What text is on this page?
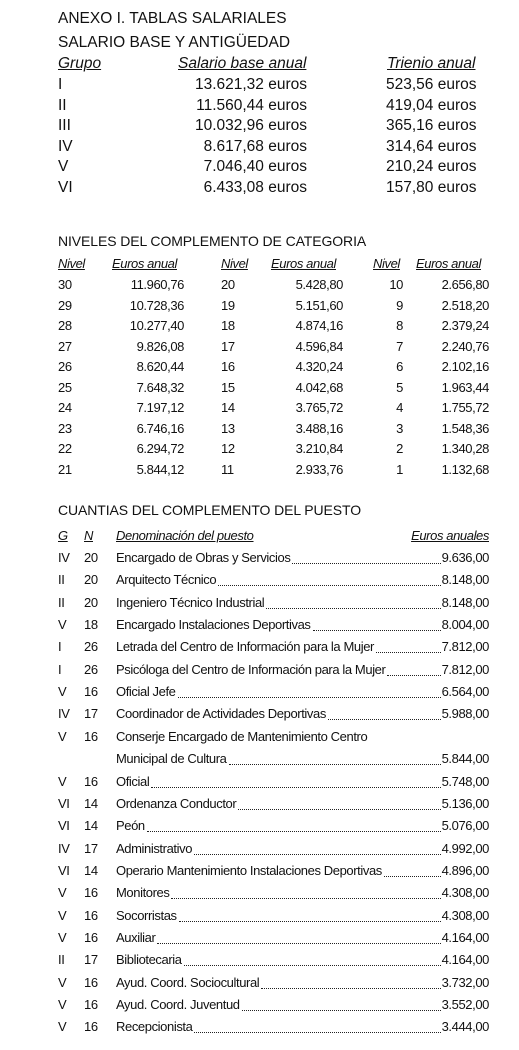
ANEXO I. TABLAS SALARIALES
SALARIO BASE Y ANTIGÜEDAD
NIVELES DEL COMPLEMENTO DE CATEGORIA
CUANTIAS DEL COMPLEMENTO DEL PUESTO
Grupo	Salario base anual	Trienio anual
I	13.621,32 euros	523,56 euros
II	11.560,44 euros	419,04 euros
III	10.032,96 euros	365,16 euros
IV	8.617,68 euros	314,64 euros
V	7.046,40 euros	210,24 euros
VI	6.433,08 euros	157,80 euros
Nivel Euros anual	Nivel Euros anual	Nivel Euros anual
30	11.960,76	20	5.428,80	10	2.656,80
29	10.728,36	19	5.151,60	9	2.518,20
28	10.277,40	18	4.874,16	8	2.379,24
27	9.826,08	17	4.596,84	7	2.240,76
26	8.620,44	16	4.320,24	6	2.102,16
25	7.648,32	15	4.042,68	5	1.963,44
24	7.197,12	14	3.765,72	4	1.755,72
23	6.746,16	13	3.488,16	3	1.548,36
22	6.294,72	12	3.210,84	2	1.340,28
21	5.844,12	11	2.933,76	1	1.132,68
G N Denominación del puesto	Euros anuales
IV 20 Encargado de Obras y Servicios	9.636,00
II 20 Arquitecto Técnico	8.148,00
II 20 Ingeniero Técnico Industrial	8.148,00
V 18 Encargado Instalaciones Deportivas	8.004,00
I 26 Letrada del Centro de Información para la Mujer	7.812,00
I 26 Psicóloga del Centro de Información para la Mujer	7.812,00
V 16 Oficial Jefe	6.564,00
IV 17 Coordinador de Actividades Deportivas	5.988,00
V 16 Conserje Encargado de Mantenimiento Centro
Municipal de Cultura	5.844,00
V 16 Oficial	5.748,00
VI 14 Ordenanza Conductor	5.136,00
VI 14 Peón	5.076,00
IV 17 Administrativo	4.992,00
VI 14 Operario Mantenimiento Instalaciones Deportivas	4.896,00
V 16 Monitores	4.308,00
V 16 Socorristas	4.308,00
V 16 Auxiliar	4.164,00
II 17 Bibliotecaria	4.164,00
V 16 Ayud. Coord. Sociocultural	3.732,00
V 16 Ayud. Coord. Juventud	3.552,00
V 16 Recepcionista	3.444,00
